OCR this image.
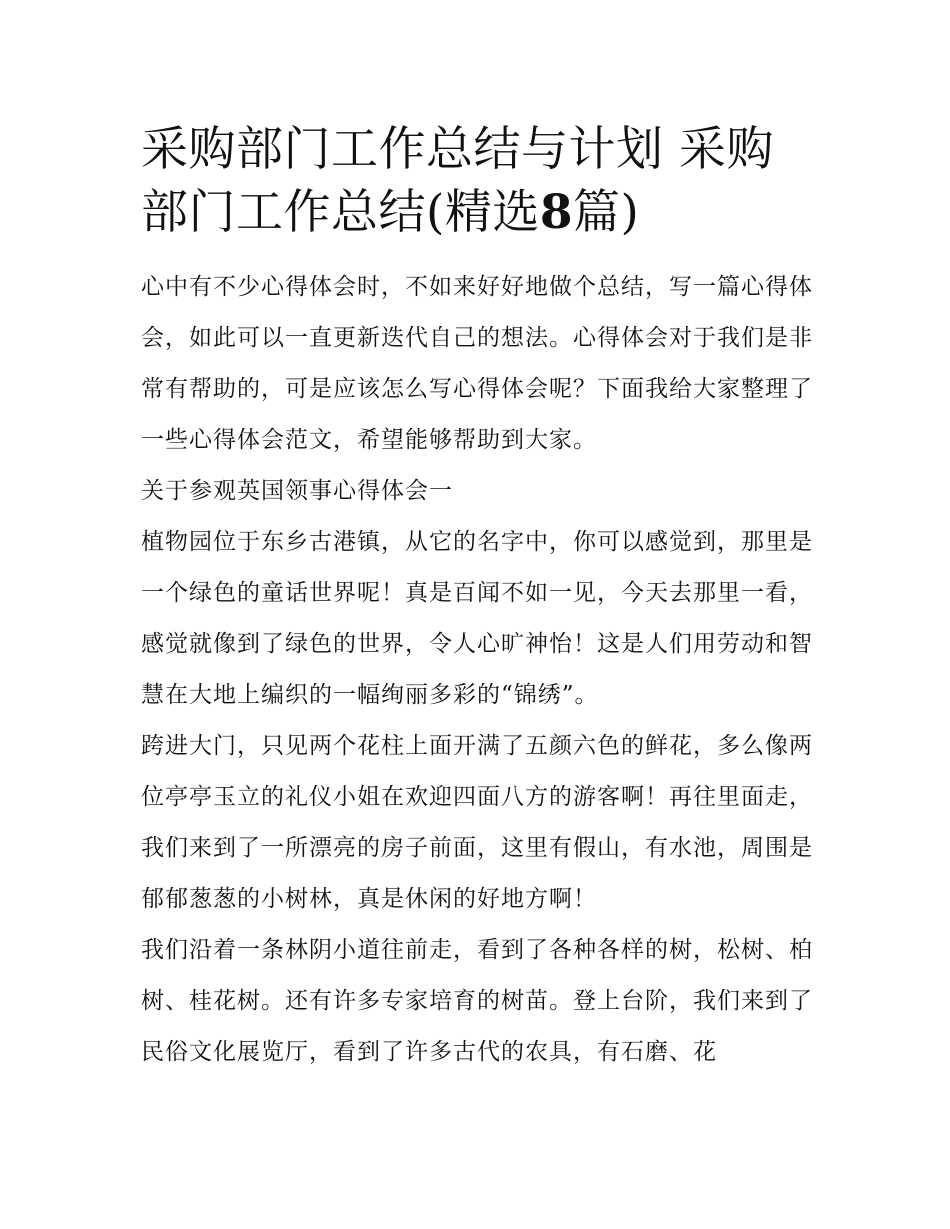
采购部门工作总结与计划 采购部门工作总结(精选8篇)

心中有不少心得体会时，不如来好好地做个总结，写一篇心得体会，如此可以一直更新迭代自己的想法。心得体会对于我们是非常有帮助的，可是应该怎么写心得体会呢？下面我给大家整理了一些心得体会范文，希望能够帮助到大家。

关于参观英国领事心得体会一

植物园位于东乡古港镇，从它的名字中，你可以感觉到，那里是一个绿色的童话世界呢！真是百闻不如一见，今天去那里一看，感觉就像到了绿色的世界，令人心旷神怡！这是人们用劳动和智慧在大地上编织的一幅绚丽多彩的“锦绣”。

跨进大门，只见两个花柱上面开满了五颜六色的鲜花，多么像两位亭亭玉立的礼仪小姐在欢迎四面八方的游客啊！再往里面走，我们来到了一所漂亮的房子前面，这里有假山，有水池，周围是郁郁葱葱的小树林，真是休闲的好地方啊！

我们沿着一条林阴小道往前走，看到了各种各样的树，松树、柏树、桂花树。还有许多专家培育的树苗。登上台阶，我们来到了民俗文化展览厅，看到了许多古代的农具，有石磨、花
